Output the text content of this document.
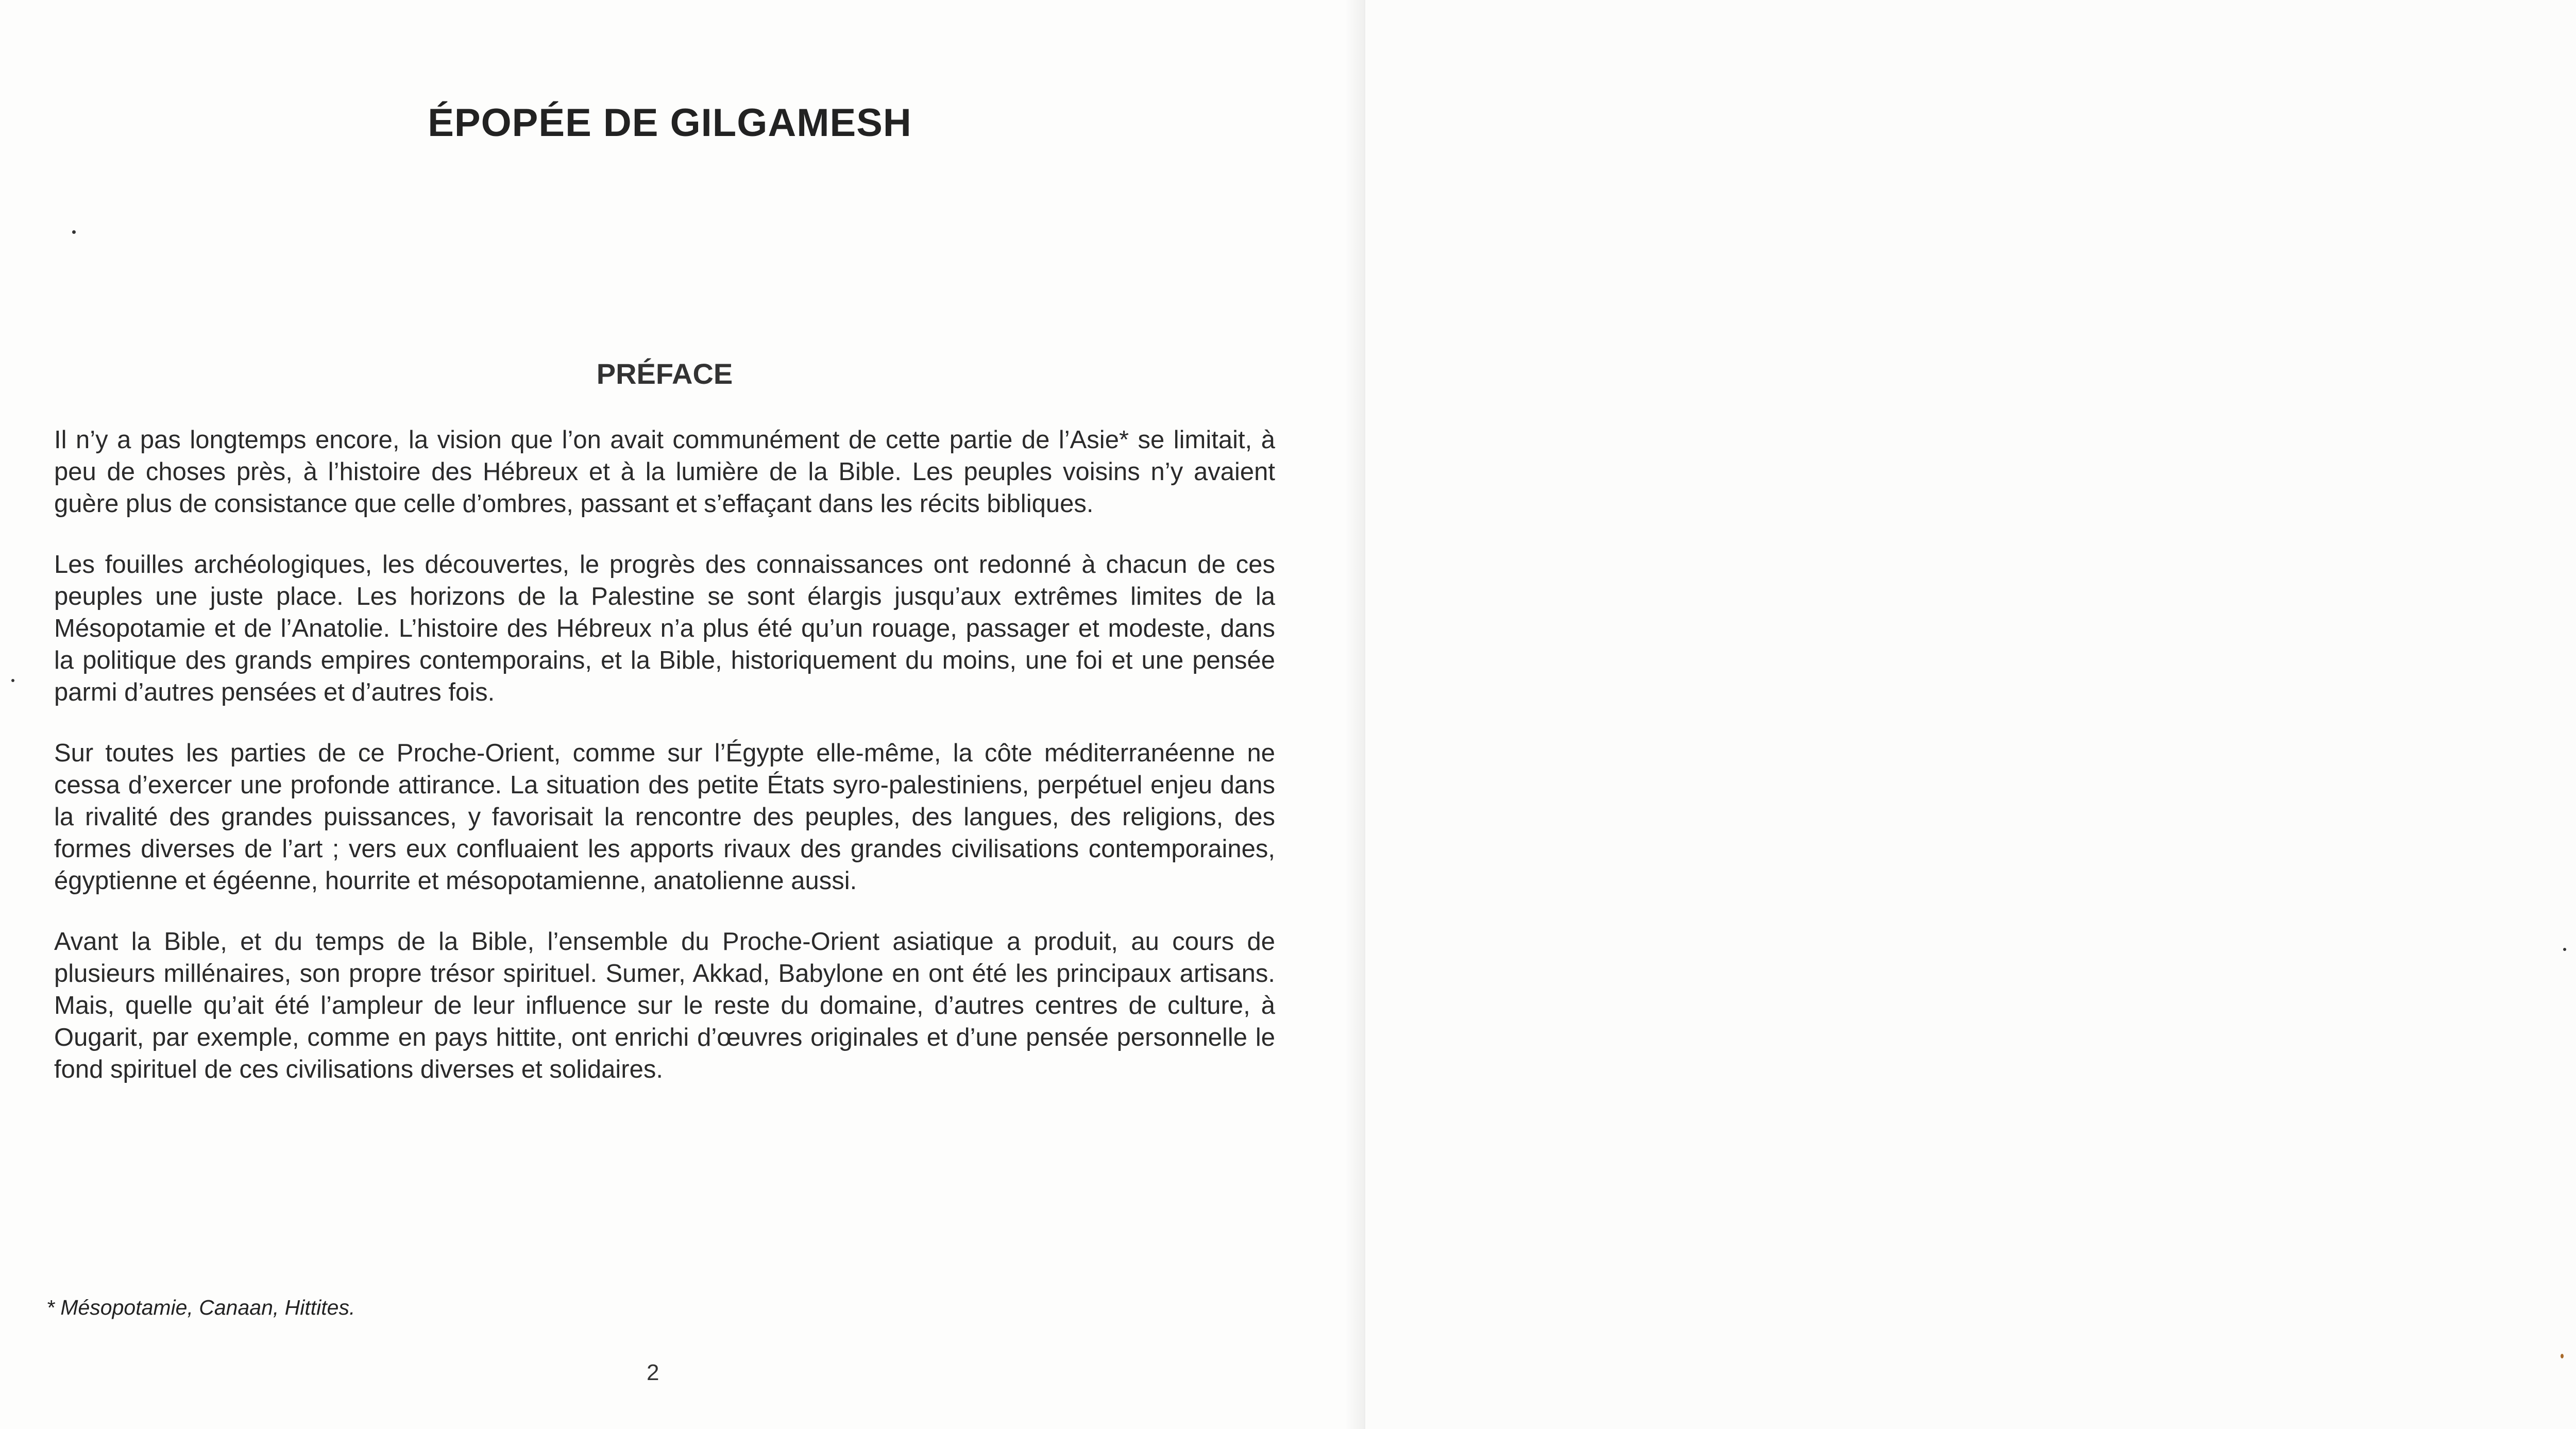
ÉPOPÉE DE GILGAMESH
PRÉFACE

Il n’y a pas longtemps encore, la vision que l’on avait communément de cette partie de l’Asie* se limitait, à peu de choses près, à l’histoire des Hébreux et à la lumière de la Bible. Les peuples voisins n’y avaient guère plus de consistance que celle d’ombres, passant et s’effaçant dans les récits bibliques.

Les fouilles archéologiques, les découvertes, le progrès des connaissances ont redonné à chacun de ces peuples une juste place. Les horizons de la Palestine se sont élargis jusqu’aux extrêmes limites de la Mésopotamie et de l’Anatolie. L’histoire des Hébreux n’a plus été qu’un rouage, passager et modeste, dans la politique des grands empires contemporains, et la Bible, historiquement du moins, une foi et une pensée parmi d’autres pensées et d’autres fois.

Sur toutes les parties de ce Proche-Orient, comme sur l’Égypte elle-même, la côte méditerranéenne ne cessa d’exercer une profonde attirance. La situation des petite États syro-palestiniens, perpétuel enjeu dans la rivalité des grandes puissances, y favorisait la rencontre des peuples, des langues, des religions, des formes diverses de l’art ; vers eux confluaient les apports rivaux des grandes civilisations contemporaines, égyptienne et égéenne, hourrite et mésopotamienne, anatolienne aussi.

Avant la Bible, et du temps de la Bible, l’ensemble du Proche-Orient asiatique a produit, au cours de plusieurs millénaires, son propre trésor spirituel. Sumer, Akkad, Babylone en ont été les principaux artisans. Mais, quelle qu’ait été l’ampleur de leur influence sur le reste du domaine, d’autres centres de culture, à Ougarit, par exemple, comme en pays hittite, ont enrichi d’œuvres originales et d’une pensée personnelle le fond spirituel de ces civilisations diverses et solidaires.

* Mésopotamie, Canaan, Hittites.

2
